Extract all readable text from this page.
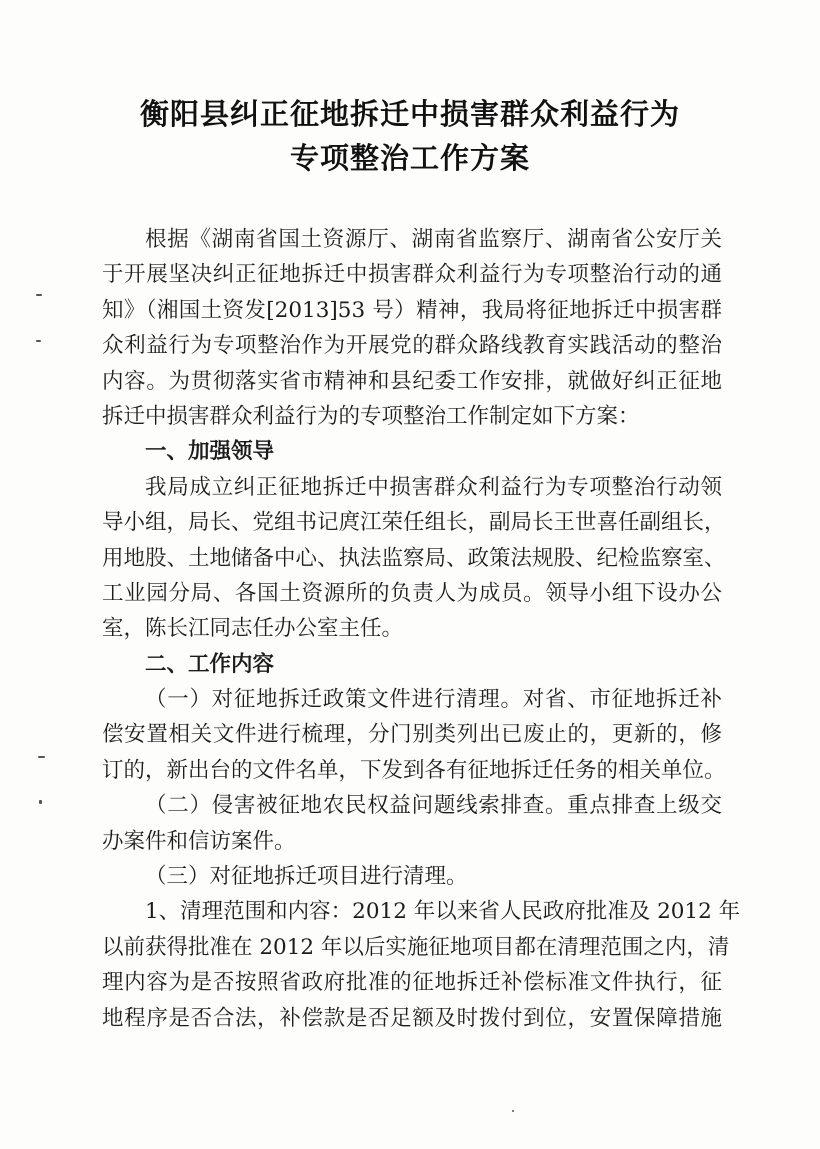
衡阳县纠正征地拆迁中损害群众利益行为
专项整治工作方案
根据《湖南省国土资源厅、湖南省监察厅、湖南省公安厅关
于开展坚决纠正征地拆迁中损害群众利益行为专项整治行动的通
知》（湘国土资发[2013]53 号）精神，我局将征地拆迁中损害群
众利益行为专项整治作为开展党的群众路线教育实践活动的整治
内容。为贯彻落实省市精神和县纪委工作安排，就做好纠正征地
拆迁中损害群众利益行为的专项整治工作制定如下方案：
一、加强领导
我局成立纠正征地拆迁中损害群众利益行为专项整治行动领
导小组，局长、党组书记庹江荣任组长，副局长王世喜任副组长，
用地股、土地储备中心、执法监察局、政策法规股、纪检监察室、
工业园分局、各国土资源所的负责人为成员。领导小组下设办公
室，陈长江同志任办公室主任。
二、工作内容
（一）对征地拆迁政策文件进行清理。对省、市征地拆迁补
偿安置相关文件进行梳理，分门别类列出已废止的，更新的，修
订的，新出台的文件名单，下发到各有征地拆迁任务的相关单位。
（二）侵害被征地农民权益问题线索排查。重点排查上级交
办案件和信访案件。
（三）对征地拆迁项目进行清理。
1、清理范围和内容：2012 年以来省人民政府批准及 2012 年
以前获得批准在 2012 年以后实施征地项目都在清理范围之内，清
理内容为是否按照省政府批准的征地拆迁补偿标准文件执行，征
地程序是否合法，补偿款是否足额及时拨付到位，安置保障措施
